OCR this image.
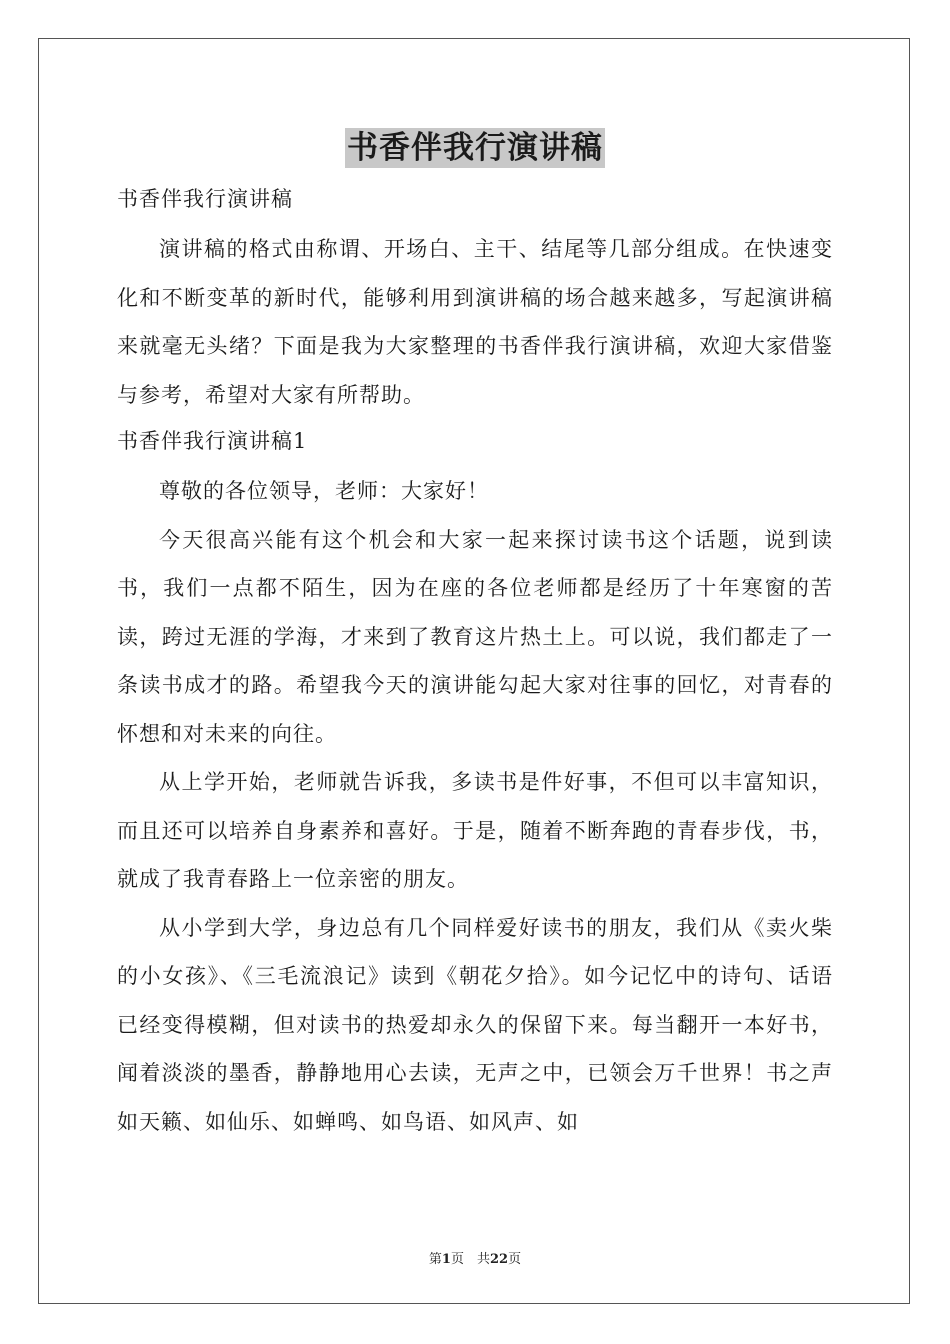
书香伴我行演讲稿

书香伴我行演讲稿

演讲稿的格式由称谓、开场白、主干、结尾等几部分组成。在快速变化和不断变革的新时代，能够利用到演讲稿的场合越来越多，写起演讲稿来就毫无头绪？下面是我为大家整理的书香伴我行演讲稿，欢迎大家借鉴与参考，希望对大家有所帮助。

书香伴我行演讲稿1

尊敬的各位领导，老师：大家好！

今天很高兴能有这个机会和大家一起来探讨读书这个话题，说到读书，我们一点都不陌生，因为在座的各位老师都是经历了十年寒窗的苦读，跨过无涯的学海，才来到了教育这片热土上。可以说，我们都走了一条读书成才的路。希望我今天的演讲能勾起大家对往事的回忆，对青春的怀想和对未来的向往。

从上学开始，老师就告诉我，多读书是件好事，不但可以丰富知识，而且还可以培养自身素养和喜好。于是，随着不断奔跑的青春步伐，书，就成了我青春路上一位亲密的朋友。

从小学到大学，身边总有几个同样爱好读书的朋友，我们从《卖火柴的小女孩》、《三毛流浪记》读到《朝花夕拾》。如今记忆中的诗句、话语已经变得模糊，但对读书的热爱却永久的保留下来。每当翻开一本好书，闻着淡淡的墨香，静静地用心去读，无声之中，已领会万千世界！书之声如天籁、如仙乐、如蝉鸣、如鸟语、如风声、如

第1页　共22页
